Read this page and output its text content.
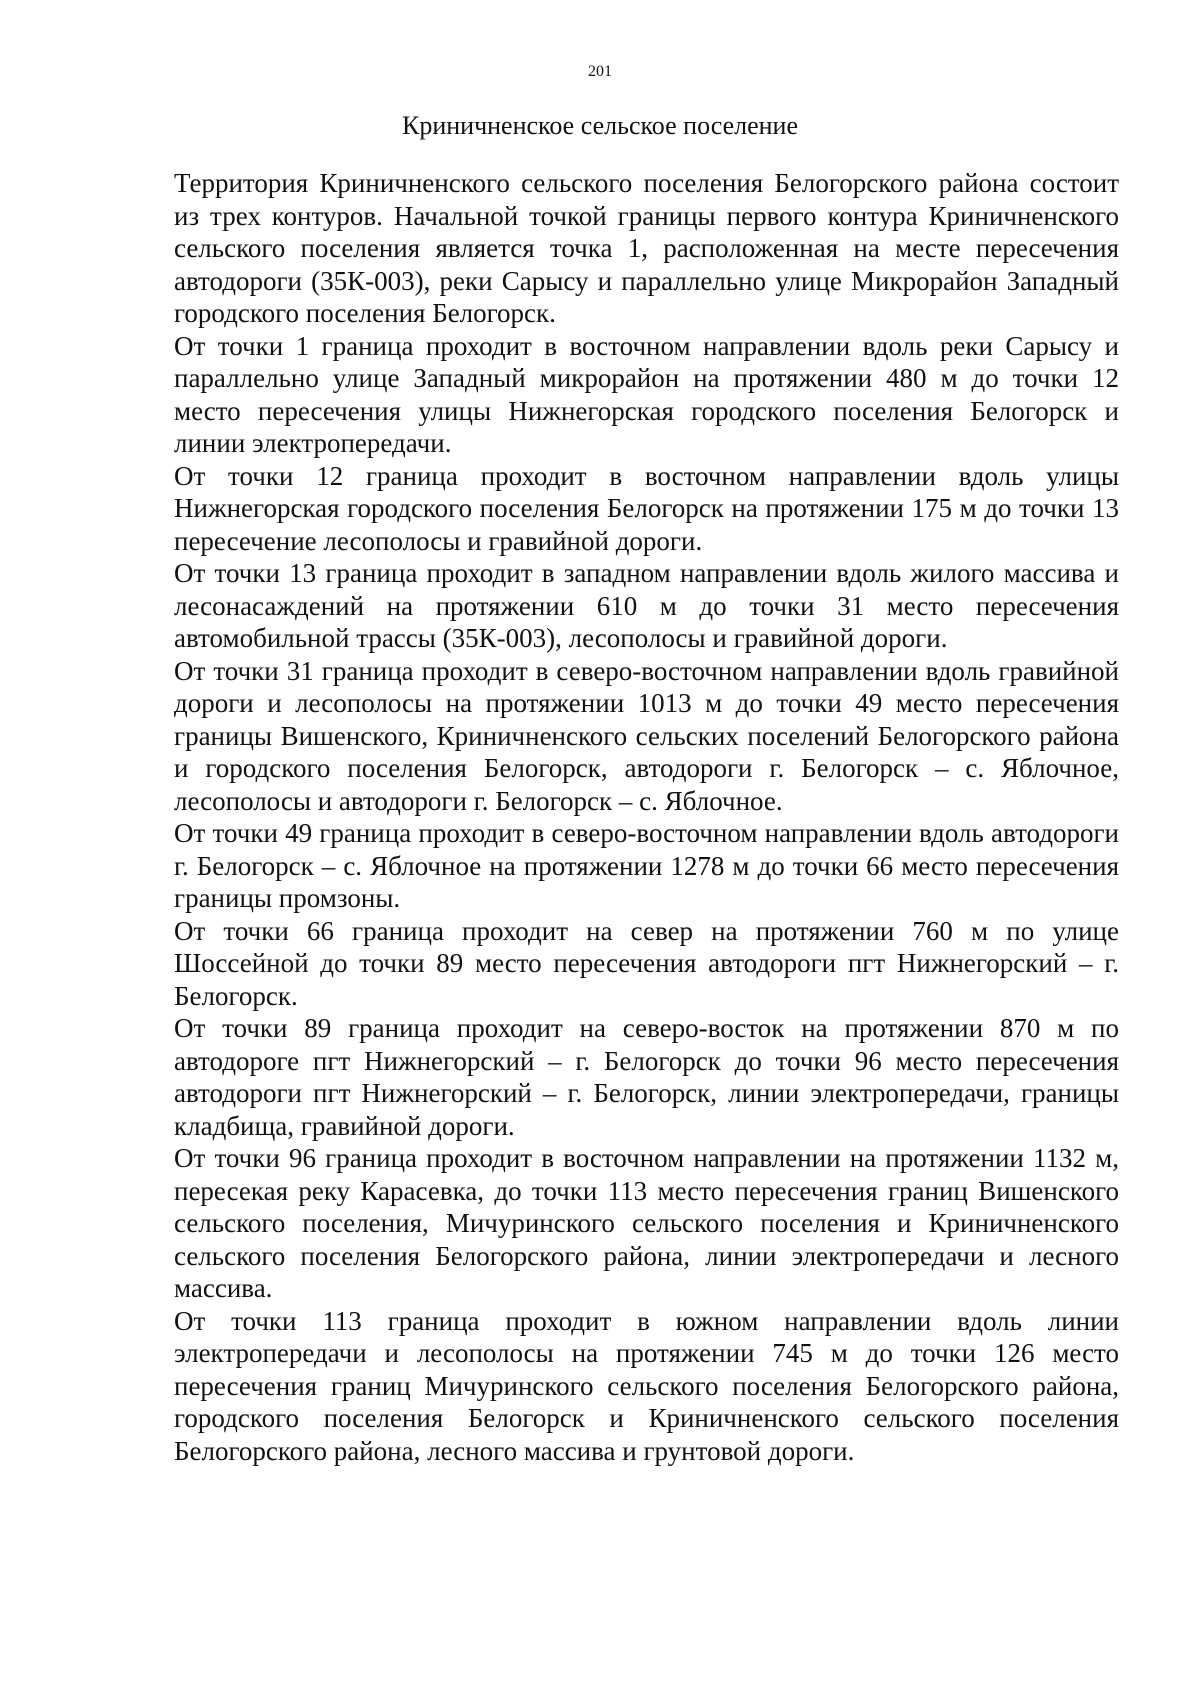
201
Криничненское сельское поселение

Территория Криничненского сельского поселения Белогорского района состоит из трех контуров. Начальной точкой границы первого контура Криничненского сельского поселения является точка 1, расположенная на месте пересечения автодороги (35К-003), реки Сарысу и параллельно улице Микрорайон Западный городского поселения Белогорск.

От точки 1 граница проходит в восточном направлении вдоль реки Сарысу и параллельно улице Западный микрорайон на протяжении 480 м до точки 12 место пересечения улицы Нижнегорская городского поселения Белогорск и линии электропередачи.

От точки 12 граница проходит в восточном направлении вдоль улицы Нижнегорская городского поселения Белогорск на протяжении 175 м до точки 13 пересечение лесополосы и гравийной дороги.

От точки 13 граница проходит в западном направлении вдоль жилого массива и лесонасаждений на протяжении 610 м до точки 31 место пересечения автомобильной трассы (35К-003), лесополосы и гравийной дороги.

От точки 31 граница проходит в северо-восточном направлении вдоль гравийной дороги и лесополосы на протяжении 1013 м до точки 49 место пересечения границы Вишенского, Криничненского сельских поселений Белогорского района и городского поселения Белогорск, автодороги г. Белогорск – с. Яблочное, лесополосы и автодороги г. Белогорск – с. Яблочное.

От точки 49 граница проходит в северо-восточном направлении вдоль автодороги г. Белогорск – с. Яблочное на протяжении 1278 м до точки 66 место пересечения границы промзоны.

От точки 66 граница проходит на север на протяжении 760 м по улице Шоссейной до точки 89 место пересечения автодороги пгт Нижнегорский – г. Белогорск.

От точки 89 граница проходит на северо-восток на протяжении 870 м по автодороге пгт Нижнегорский – г. Белогорск до точки 96 место пересечения автодороги пгт Нижнегорский – г. Белогорск, линии электропередачи, границы кладбища, гравийной дороги.

От точки 96 граница проходит в восточном направлении на протяжении 1132 м, пересекая реку Карасевка, до точки 113 место пересечения границ Вишенского сельского поселения, Мичуринского сельского поселения и Криничненского сельского поселения Белогорского района, линии электропередачи и лесного массива.

От точки 113 граница проходит в южном направлении вдоль линии электропередачи и лесополосы на протяжении 745 м до точки 126 место пересечения границ Мичуринского сельского поселения Белогорского района, городского поселения Белогорск и Криничненского сельского поселения Белогорского района, лесного массива и грунтовой дороги.
